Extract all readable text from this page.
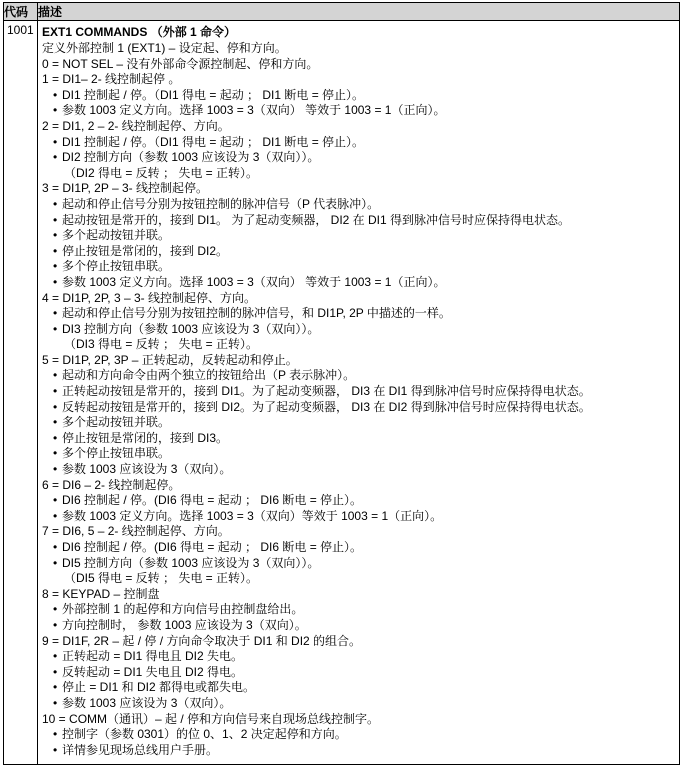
代码	描述
1001	EXT1 COMMANDS （外部 1 命令）
定义外部控制 1 (EXT1) – 设定起、停和方向。
0 = NOT SEL – 没有外部命令源控制起、停和方向。
1 = DI1– 2- 线控制起停 。
• DI1 控制起 / 停。（DI1 得电 = 起动 ； DI1 断电 = 停止）。
• 参数 1003 定义方向。选择 1003 = 3（双向） 等效于 1003 = 1（正向）。
2 = DI1, 2 – 2- 线控制起停、方向。
• DI1 控制起 / 停。（DI1 得电 = 起动 ； DI1 断电 = 停止）。
• DI2 控制方向（参数 1003 应该设为 3（双向））。
（DI2 得电 = 反转 ； 失电 = 正转）。
3 = DI1P, 2P – 3- 线控制起停。
• 起动和停止信号分别为按钮控制的脉冲信号（P 代表脉冲）。
• 起动按钮是常开的，接到 DI1。 为了起动变频器， DI2 在 DI1 得到脉冲信号时应保持得电状态。
• 多个起动按钮并联。
• 停止按钮是常闭的，接到 DI2。
• 多个停止按钮串联。
• 参数 1003 定义方向。选择 1003 = 3（双向） 等效于 1003 = 1（正向）。
4 = DI1P, 2P, 3 – 3- 线控制起停、方向。
• 起动和停止信号分别为按钮控制的脉冲信号，和 DI1P, 2P 中描述的一样。
• DI3 控制方向（参数 1003 应该设为 3（双向））。
（DI3 得电 = 反转 ； 失电 = 正转）。
5 = DI1P, 2P, 3P – 正转起动，反转起动和停止。
• 起动和方向命令由两个独立的按钮给出（P 表示脉冲）。
• 正转起动按钮是常开的，接到 DI1。为了起动变频器， DI3 在 DI1 得到脉冲信号时应保持得电状态。
• 反转起动按钮是常开的，接到 DI2。为了起动变频器， DI3 在 DI2 得到脉冲信号时应保持得电状态。
• 多个起动按钮并联。
• 停止按钮是常闭的，接到 DI3。
• 多个停止按钮串联。
• 参数 1003 应该设为 3（双向）。
6 = DI6 – 2- 线控制起停。
• DI6 控制起 / 停。(DI6 得电 = 起动 ； DI6 断电 = 停止）。
• 参数 1003 定义方向。选择 1003 = 3（双向）等效于 1003 = 1（正向）。
7 = DI6, 5 – 2- 线控制起停、方向。
• DI6 控制起 / 停。(DI6 得电 = 起动 ； DI6 断电 = 停止）。
• DI5 控制方向（参数 1003 应该设为 3（双向））。
（DI5 得电 = 反转 ； 失电 = 正转）。
8 = KEYPAD – 控制盘
• 外部控制 1 的起停和方向信号由控制盘给出。
• 方向控制时， 参数 1003 应该设为 3（双向）。
9 = DI1F, 2R – 起 / 停 / 方向命令取决于 DI1 和 DI2 的组合。
• 正转起动 = DI1 得电且 DI2 失电。
• 反转起动 = DI1 失电且 DI2 得电。
• 停止 = DI1 和 DI2 都得电或都失电。
• 参数 1003 应该设为 3（双向）。
10 = COMM（通讯）– 起 / 停和方向信号来自现场总线控制字。
• 控制字（参数 0301）的位 0、1、2 决定起停和方向。
• 详情参见现场总线用户手册。
